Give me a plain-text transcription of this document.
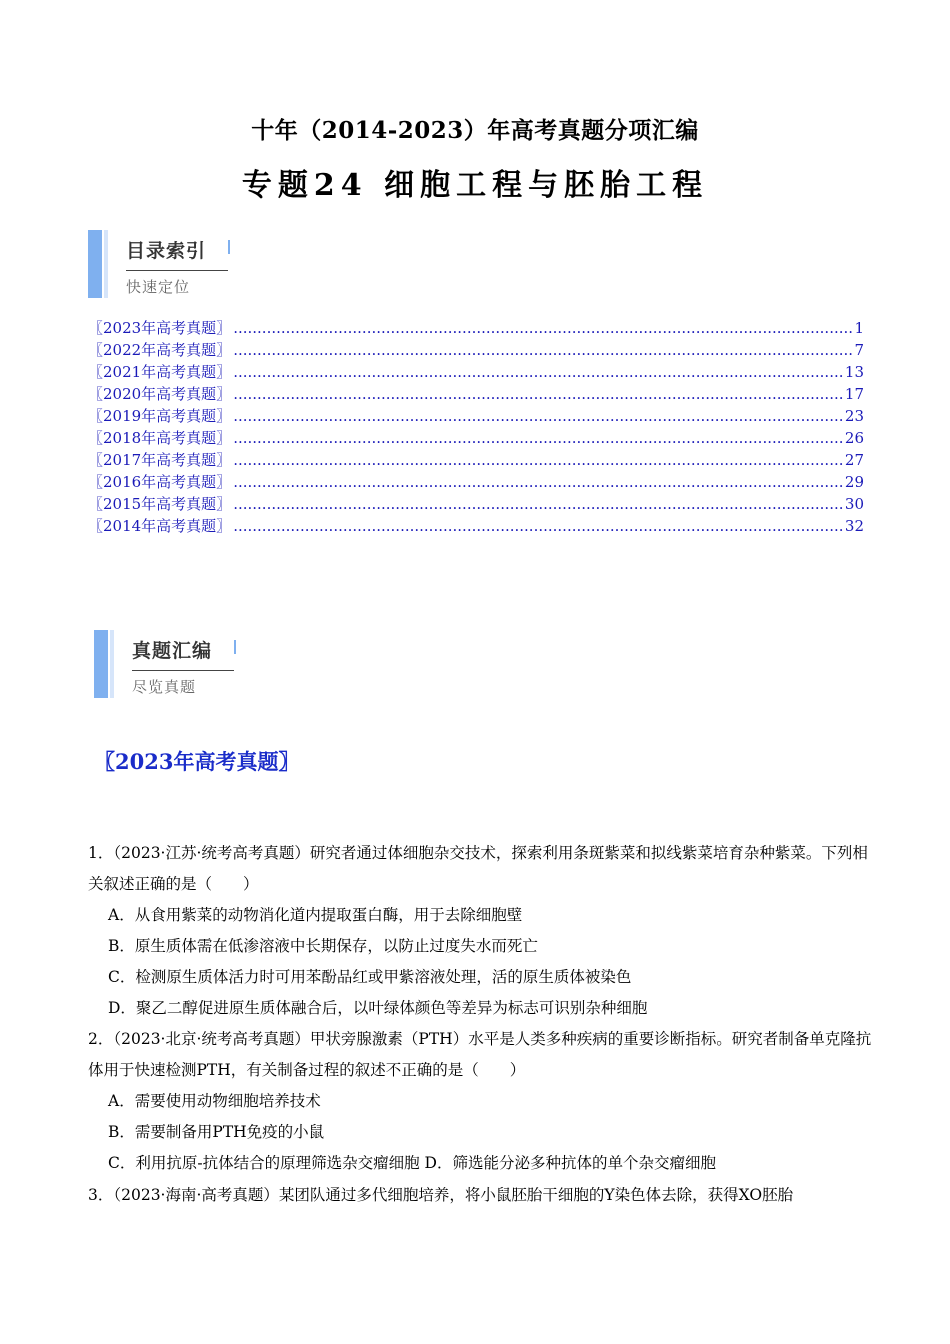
十年（2014-2023）年高考真题分项汇编
专题24 细胞工程与胚胎工程
目录索引
快速定位
〖2023年高考真题〗 .....	1
〖2022年高考真题〗 .....	7
〖2021年高考真题〗 .....	13
〖2020年高考真题〗 .....	17
〖2019年高考真题〗 .....	23
〖2018年高考真题〗 .....	26
〖2017年高考真题〗 .....	27
〖2016年高考真题〗 .....	29
〖2015年高考真题〗 .....	30
〖2014年高考真题〗 .....	32
真题汇编
尽览真题
〖2023年高考真题〗
1．（2023·江苏·统考高考真题）研究者通过体细胞杂交技术，探索利用条斑紫菜和拟线紫菜培育杂种紫菜。下列相关叙述正确的是（　　）
A．从食用紫菜的动物消化道内提取蛋白酶，用于去除细胞壁
B．原生质体需在低渗溶液中长期保存，以防止过度失水而死亡
C．检测原生质体活力时可用苯酚品红或甲紫溶液处理，活的原生质体被染色
D．聚乙二醇促进原生质体融合后，以叶绿体颜色等差异为标志可识别杂种细胞
2．（2023·北京·统考高考真题）甲状旁腺激素（PTH）水平是人类多种疾病的重要诊断指标。研究者制备单克隆抗体用于快速检测PTH，有关制备过程的叙述不正确的是（　　）
A．需要使用动物细胞培养技术
B．需要制备用PTH免疫的小鼠
C．利用抗原-抗体结合的原理筛选杂交瘤细胞 D．筛选能分泌多种抗体的单个杂交瘤细胞
3．（2023·海南·高考真题）某团队通过多代细胞培养，将小鼠胚胎干细胞的Y染色体去除，获得XO胚胎
